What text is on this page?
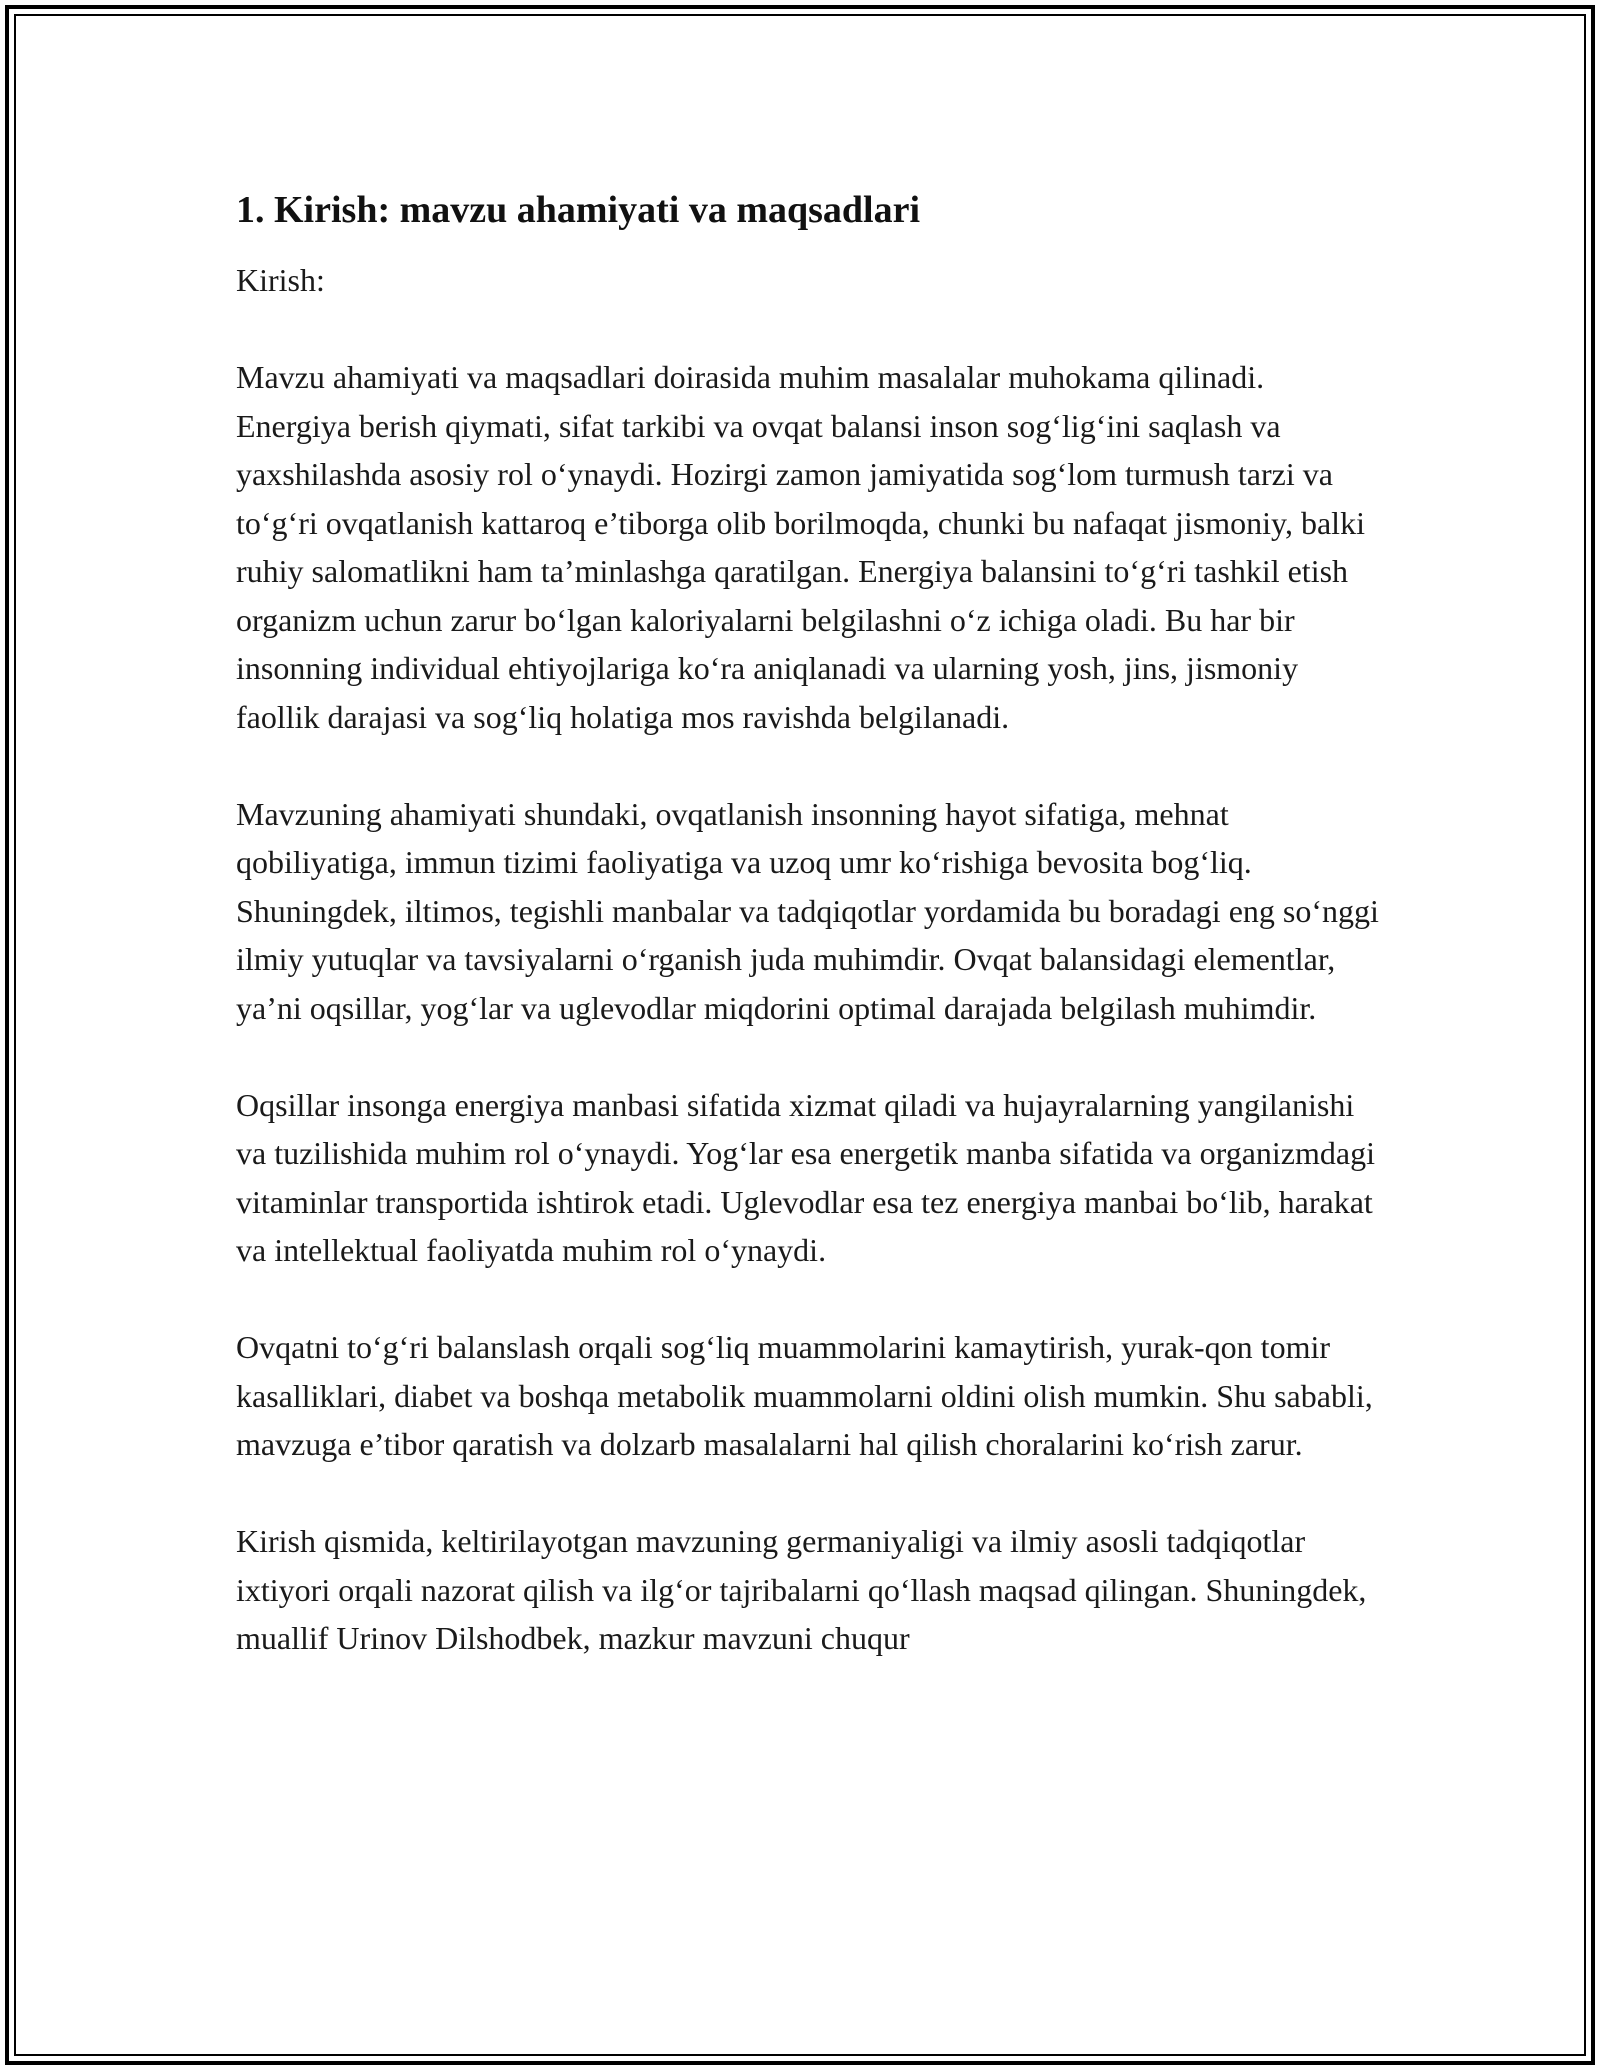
1. Kirish: mavzu ahamiyati va maqsadlari

Kirish:

Mavzu ahamiyati va maqsadlari doirasida muhim masalalar muhokama qilinadi. Energiya berish qiymati, sifat tarkibi va ovqat balansi inson sog‘lig‘ini saqlash va yaxshilashda asosiy rol o‘ynaydi. Hozirgi zamon jamiyatida sog‘lom turmush tarzi va to‘g‘ri ovqatlanish kattaroq e’tiborga olib borilmoqda, chunki bu nafaqat jismoniy, balki ruhiy salomatlikni ham ta’minlashga qaratilgan. Energiya balansini to‘g‘ri tashkil etish organizm uchun zarur bo‘lgan kaloriyalarni belgilashni o‘z ichiga oladi. Bu har bir insonning individual ehtiyojlariga ko‘ra aniqlanadi va ularning yosh, jins, jismoniy faollik darajasi va sog‘liq holatiga mos ravishda belgilanadi.

Mavzuning ahamiyati shundaki, ovqatlanish insonning hayot sifatiga, mehnat qobiliyatiga, immun tizimi faoliyatiga va uzoq umr ko‘rishiga bevosita bog‘liq. Shuningdek, iltimos, tegishli manbalar va tadqiqotlar yordamida bu boradagi eng so‘nggi ilmiy yutuqlar va tavsiyalarni o‘rganish juda muhimdir. Ovqat balansidagi elementlar, ya’ni oqsillar, yog‘lar va uglevodlar miqdorini optimal darajada belgilash muhimdir.

Oqsillar insonga energiya manbasi sifatida xizmat qiladi va hujayralarning yangilanishi va tuzilishida muhim rol o‘ynaydi. Yog‘lar esa energetik manba sifatida va organizmdagi vitaminlar transportida ishtirok etadi. Uglevodlar esa tez energiya manbai bo‘lib, harakat va intellektual faoliyatda muhim rol o‘ynaydi.

Ovqatni to‘g‘ri balanslash orqali sog‘liq muammolarini kamaytirish, yurak-qon tomir kasalliklari, diabet va boshqa metabolik muammolarni oldini olish mumkin. Shu sababli, mavzuga e’tibor qaratish va dolzarb masalalarni hal qilish choralarini ko‘rish zarur.

Kirish qismida, keltirilayotgan mavzuning germaniyaligi va ilmiy asosli tadqiqotlar ixtiyori orqali nazorat qilish va ilg‘or tajribalarni qo‘llash maqsad qilingan. Shuningdek, muallif Urinov Dilshodbek, mazkur mavzuni chuqur
